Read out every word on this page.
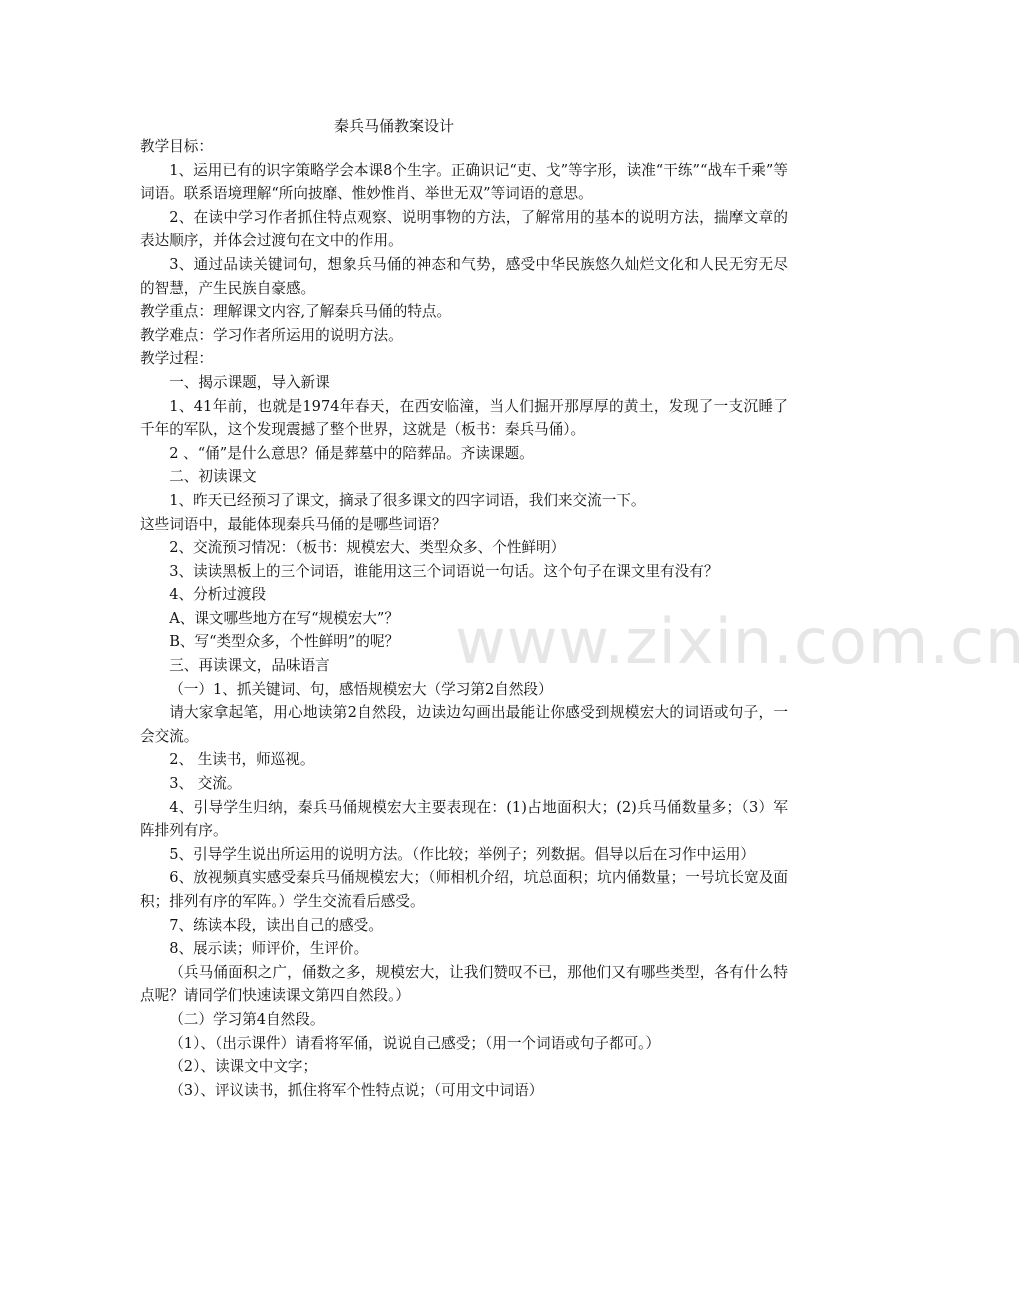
www.zixin.com.cn
秦兵马俑教案设计

教学目标：

1、运用已有的识字策略学会本课8个生字。正确识记“吏、戈”等字形，读准“干练”“战车千乘”等词语。联系语境理解“所向披靡、惟妙惟肖、举世无双”等词语的意思。

2、在读中学习作者抓住特点观察、说明事物的方法，了解常用的基本的说明方法，揣摩文章的表达顺序，并体会过渡句在文中的作用。

3、通过品读关键词句，想象兵马俑的神态和气势，感受中华民族悠久灿烂文化和人民无穷无尽的智慧，产生民族自豪感。

教学重点：理解课文内容,了解秦兵马俑的特点。

教学难点：学习作者所运用的说明方法。

教学过程：

一、揭示课题，导入新课

1、41年前，也就是1974年春天，在西安临潼，当人们掘开那厚厚的黄土，发现了一支沉睡了千年的军队，这个发现震撼了整个世界，这就是（板书：秦兵马俑）。

2 、“俑”是什么意思？俑是葬墓中的陪葬品。齐读课题。

二、初读课文

1、昨天已经预习了课文，摘录了很多课文的四字词语，我们来交流一下。

这些词语中，最能体现秦兵马俑的是哪些词语？

2、交流预习情况：（板书：规模宏大、类型众多、个性鲜明）

3、读读黑板上的三个词语，谁能用这三个词语说一句话。这个句子在课文里有没有？

4、分析过渡段

A、课文哪些地方在写“规模宏大”？

B、写“类型众多，个性鲜明”的呢？

三、再读课文，品味语言

（一）1、抓关键词、句，感悟规模宏大（学习第2自然段）

请大家拿起笔，用心地读第2自然段，边读边勾画出最能让你感受到规模宏大的词语或句子，一会交流。

2、 生读书，师巡视。

3、 交流。

4、引导学生归纳，秦兵马俑规模宏大主要表现在：(1)占地面积大；(2)兵马俑数量多；（3）军阵排列有序。

5、引导学生说出所运用的说明方法。（作比较；举例子；列数据。倡导以后在习作中运用）

6、放视频真实感受秦兵马俑规模宏大；（师相机介绍，坑总面积；坑内俑数量；一号坑长宽及面积；排列有序的军阵。）学生交流看后感受。

7、练读本段，读出自己的感受。

8、展示读；师评价，生评价。

（兵马俑面积之广，俑数之多，规模宏大，让我们赞叹不已，那他们又有哪些类型，各有什么特点呢？请同学们快速读课文第四自然段。）

（二）学习第4自然段。

（1）、（出示课件）请看将军俑，说说自己感受；（用一个词语或句子都可。）

（2）、读课文中文字；

（3）、评议读书，抓住将军个性特点说；（可用文中词语）
